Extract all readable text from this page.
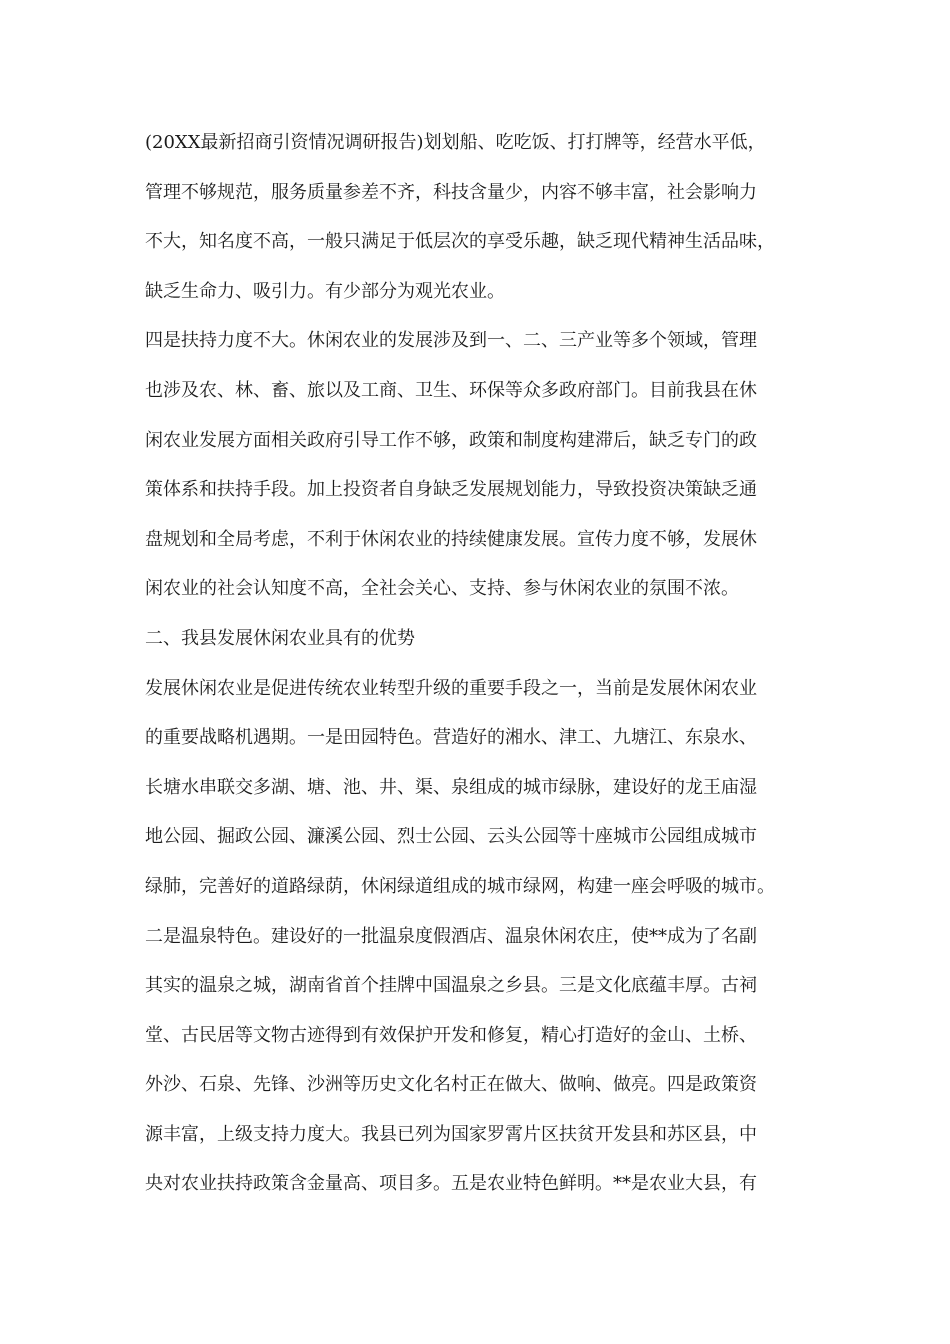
(20XX最新招商引资情况调研报告)划划船、吃吃饭、打打牌等，经营水平低，
管理不够规范，服务质量参差不齐，科技含量少，内容不够丰富，社会影响力
不大，知名度不高，一般只满足于低层次的享受乐趣，缺乏现代精神生活品味，
缺乏生命力、吸引力。有少部分为观光农业。
四是扶持力度不大。休闲农业的发展涉及到一、二、三产业等多个领域，管理
也涉及农、林、畜、旅以及工商、卫生、环保等众多政府部门。目前我县在休
闲农业发展方面相关政府引导工作不够，政策和制度构建滞后，缺乏专门的政
策体系和扶持手段。加上投资者自身缺乏发展规划能力，导致投资决策缺乏通
盘规划和全局考虑，不利于休闲农业的持续健康发展。宣传力度不够，发展休
闲农业的社会认知度不高，全社会关心、支持、参与休闲农业的氛围不浓。
二、我县发展休闲农业具有的优势
发展休闲农业是促进传统农业转型升级的重要手段之一，当前是发展休闲农业
的重要战略机遇期。一是田园特色。营造好的湘水、津工、九塘江、东泉水、
长塘水串联交多湖、塘、池、井、渠、泉组成的城市绿脉，建设好的龙王庙湿
地公园、掘政公园、濂溪公园、烈士公园、云头公园等十座城市公园组成城市
绿肺，完善好的道路绿荫，休闲绿道组成的城市绿网，构建一座会呼吸的城市。
二是温泉特色。建设好的一批温泉度假酒店、温泉休闲农庄，使**成为了名副
其实的温泉之城，湖南省首个挂牌中国温泉之乡县。三是文化底蕴丰厚。古祠
堂、古民居等文物古迹得到有效保护开发和修复，精心打造好的金山、土桥、
外沙、石泉、先锋、沙洲等历史文化名村正在做大、做响、做亮。四是政策资
源丰富，上级支持力度大。我县已列为国家罗霄片区扶贫开发县和苏区县，中
央对农业扶持政策含金量高、项目多。五是农业特色鲜明。**是农业大县，有
